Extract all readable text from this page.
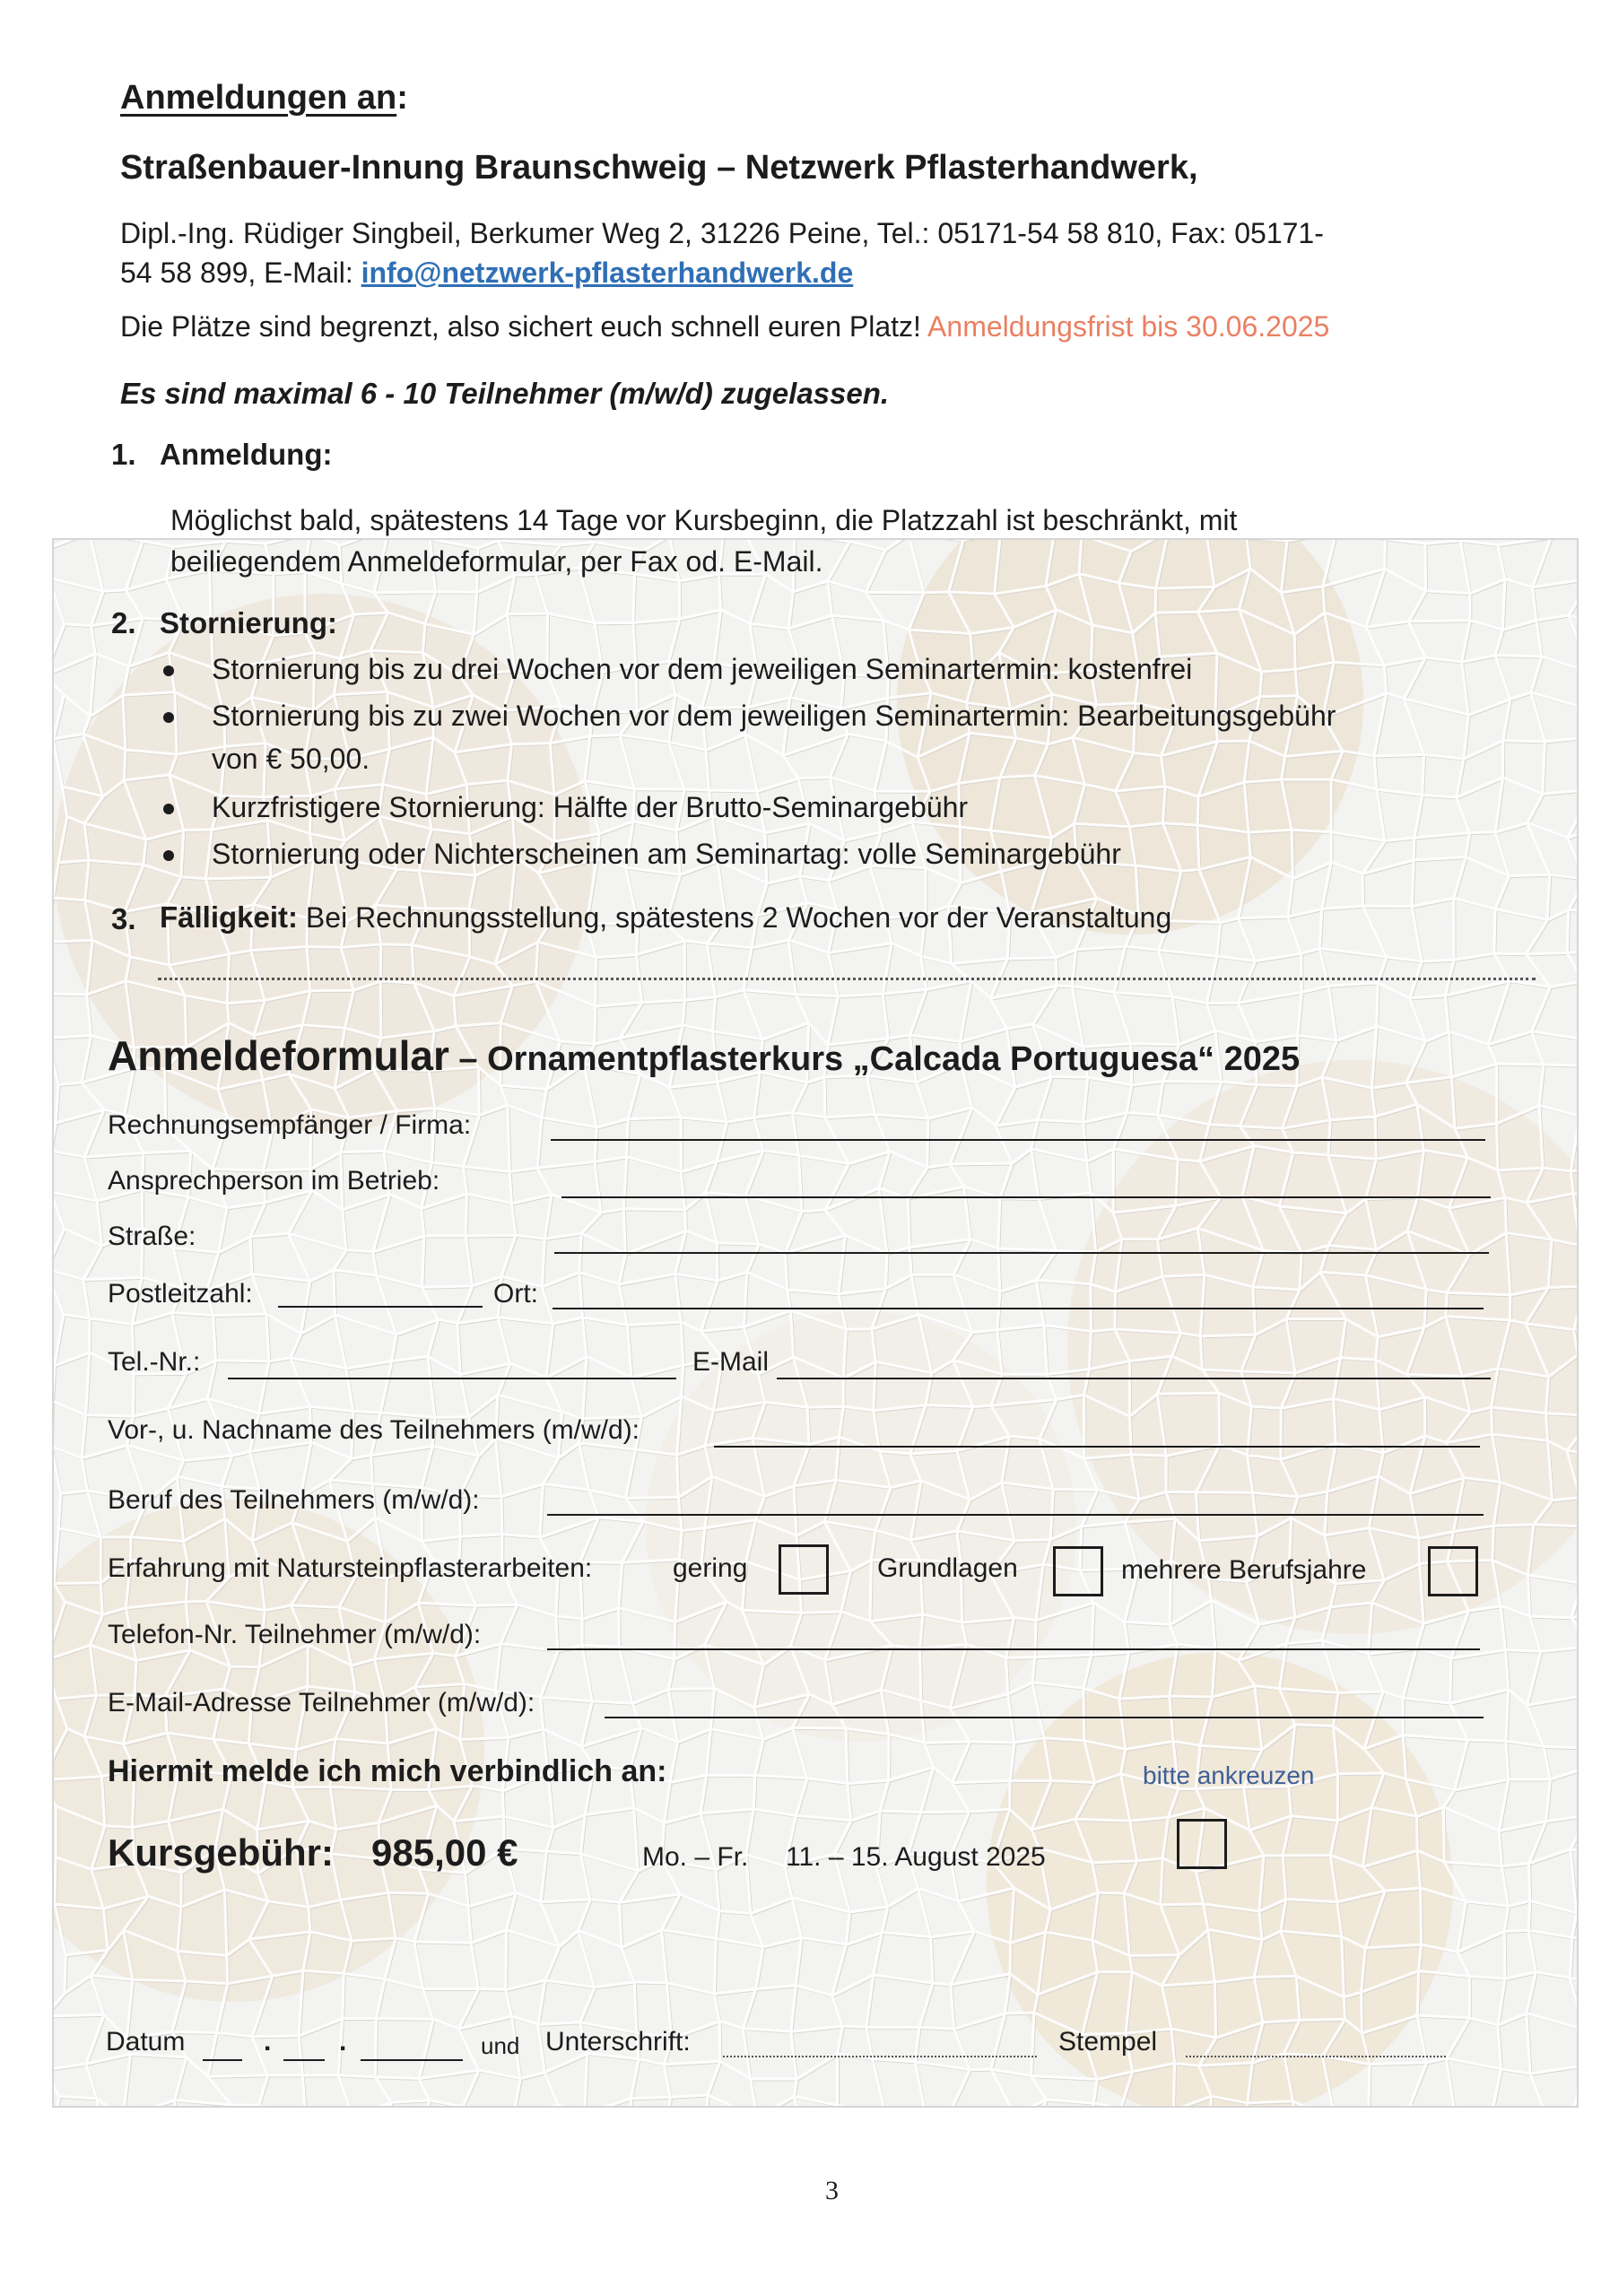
Anmeldungen an:
Straßenbauer-Innung Braunschweig – Netzwerk Pflasterhandwerk,
Dipl.-Ing. Rüdiger Singbeil, Berkumer Weg 2, 31226 Peine, Tel.: 05171-54 58 810, Fax: 05171-
54 58 899, E-Mail: info@netzwerk-pflasterhandwerk.de
Die Plätze sind begrenzt, also sichert euch schnell euren Platz! Anmeldungsfrist bis 30.06.2025
Es sind maximal 6 - 10 Teilnehmer (m/w/d) zugelassen.
1. Anmeldung:
Möglichst bald, spätestens 14 Tage vor Kursbeginn, die Platzzahl ist beschränkt, mit
beiliegendem Anmeldeformular, per Fax od. E-Mail.
2. Stornierung:
Stornierung bis zu drei Wochen vor dem jeweiligen Seminartermin: kostenfrei
Stornierung bis zu zwei Wochen vor dem jeweiligen Seminartermin: Bearbeitungsgebühr
von € 50,00.
Kurzfristigere Stornierung: Hälfte der Brutto-Seminargebühr
Stornierung oder Nichterscheinen am Seminartag: volle Seminargebühr
3. Fälligkeit: Bei Rechnungsstellung, spätestens 2 Wochen vor der Veranstaltung
Anmeldeformular – Ornamentpflasterkurs „Calcada Portuguesa“ 2025
Rechnungsempfänger / Firma:
Ansprechperson im Betrieb:
Straße:
Postleitzahl:	Ort:
Tel.-Nr.:	E-Mail
Vor-, u. Nachname des Teilnehmers (m/w/d):
Beruf des Teilnehmers (m/w/d):
Erfahrung mit Natursteinpflasterarbeiten:	gering	Grundlagen	mehrere Berufsjahre
Telefon-Nr. Teilnehmer (m/w/d):
E-Mail-Adresse Teilnehmer (m/w/d):
Hiermit melde ich mich verbindlich an:	bitte ankreuzen
Kursgebühr: 985,00 €	Mo. – Fr.     11. – 15. August 2025
Datum	.	.	und Unterschrift:	Stempel
3
